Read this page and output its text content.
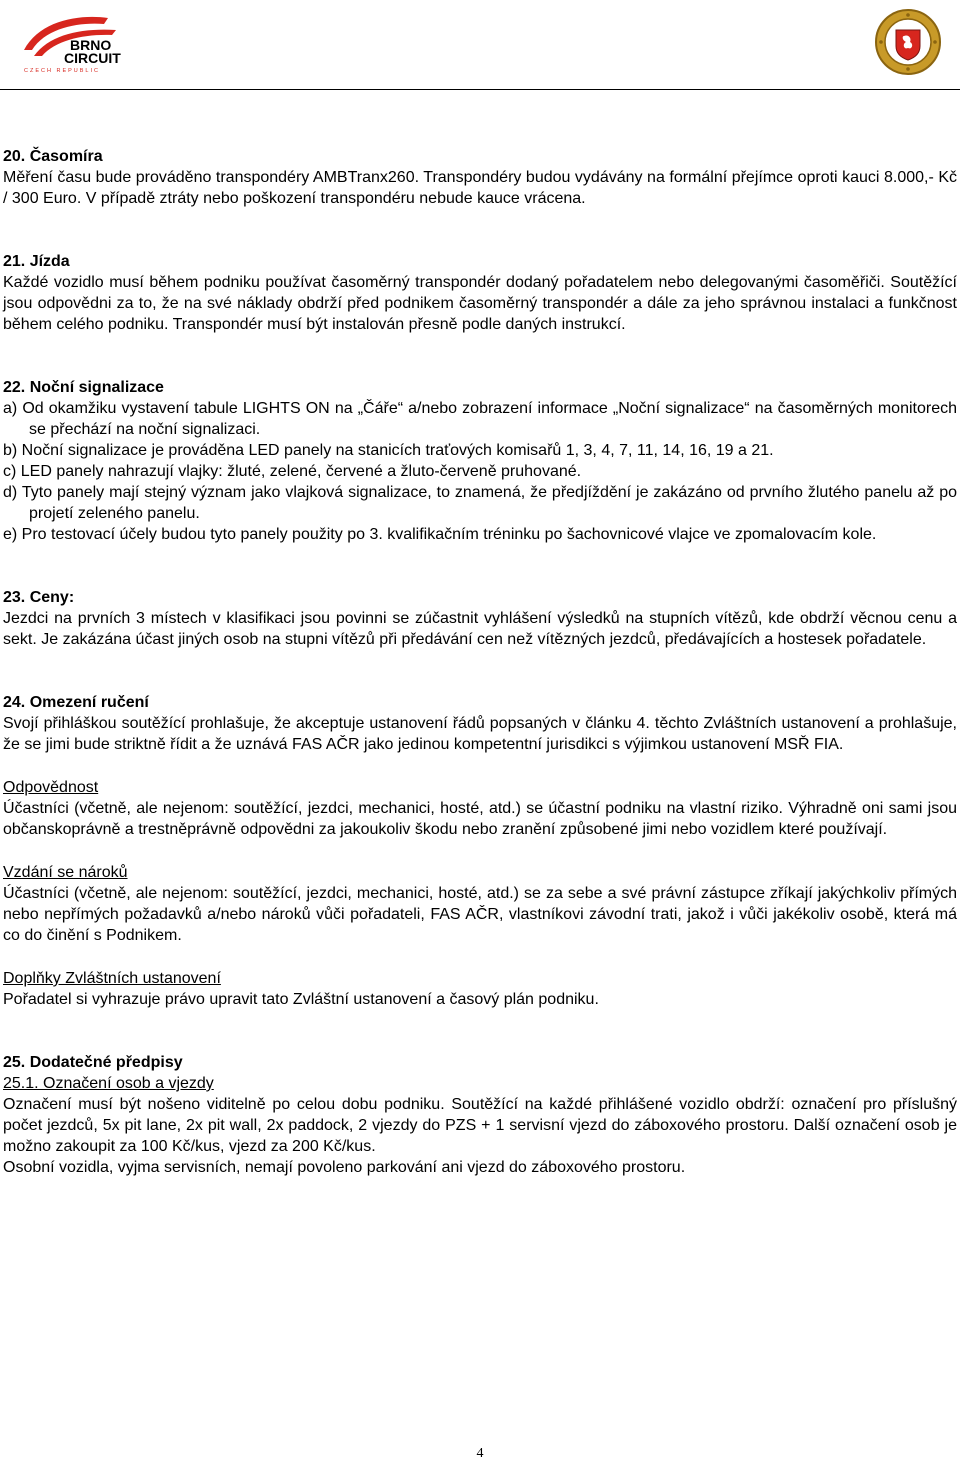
BRNO
CIRCUIT
CZECH REPUBLIC
20. Časomíra
Měření času bude prováděno transpondéry AMBTranx260. Transpondéry budou vydávány na formální přejímce oproti kauci 8.000,- Kč / 300 Euro. V případě ztráty nebo poškození transpondéru nebude kauce vrácena.
21. Jízda
Každé vozidlo musí během podniku používat časoměrný transpondér dodaný pořadatelem nebo delegovanými časoměřiči. Soutěžící jsou odpovědni za to, že na své náklady obdrží před podnikem časoměrný transpondér a dále za jeho správnou instalaci a funkčnost během celého podniku. Transpondér musí být instalován přesně podle daných instrukcí.
22. Noční signalizace
a) Od okamžiku vystavení tabule LIGHTS ON na „Čáře“ a/nebo zobrazení informace „Noční signalizace“ na časoměrných monitorech se přechází na noční signalizaci.
b) Noční signalizace je prováděna LED panely na stanicích traťových komisařů 1, 3, 4, 7, 11, 14, 16, 19 a 21.
c) LED panely nahrazují vlajky: žluté, zelené, červené a žluto-červeně pruhované.
d) Tyto panely mají stejný význam jako vlajková signalizace, to znamená, že předjíždění je zakázáno od prvního žlutého panelu až po projetí zeleného panelu.
e) Pro testovací účely budou tyto panely použity po 3. kvalifikačním tréninku po šachovnicové vlajce ve zpomalovacím kole.
23. Ceny:
Jezdci na prvních 3 místech v klasifikaci jsou povinni se zúčastnit vyhlášení výsledků na stupních vítězů, kde obdrží věcnou cenu a sekt. Je zakázána účast jiných osob na stupni vítězů při předávání cen než vítězných jezdců, předávajících a hostesek pořadatele.
24. Omezení ručení
Svojí přihláškou soutěžící prohlašuje, že akceptuje ustanovení řádů popsaných v článku 4. těchto Zvláštních ustanovení a prohlašuje, že se jimi bude striktně řídit a že uznává FAS AČR jako jedinou kompetentní jurisdikci s výjimkou ustanovení MSŘ FIA.
Odpovědnost
Účastníci (včetně, ale nejenom: soutěžící, jezdci, mechanici, hosté, atd.) se účastní podniku na vlastní riziko. Výhradně oni sami jsou občanskoprávně a trestněprávně odpovědni za jakoukoliv škodu nebo zranění způsobené jimi nebo vozidlem které používají.
Vzdání se nároků
Účastníci (včetně, ale nejenom: soutěžící, jezdci, mechanici, hosté, atd.) se za sebe a své právní zástupce zříkají jakýchkoliv přímých nebo nepřímých požadavků a/nebo nároků vůči pořadateli, FAS AČR, vlastníkovi závodní trati, jakož i vůči jakékoliv osobě, která má co do činění s Podnikem.
Doplňky Zvláštních ustanovení
Pořadatel si vyhrazuje právo upravit tato Zvláštní ustanovení a časový plán podniku.
25. Dodatečné předpisy
25.1. Označení osob a vjezdy
Označení musí být nošeno viditelně po celou dobu podniku. Soutěžící na každé přihlášené vozidlo obdrží: označení pro příslušný počet jezdců, 5x pit lane, 2x pit wall, 2x paddock, 2 vjezdy do PZS + 1 servisní vjezd do záboxového prostoru. Další označení osob je možno zakoupit za 100 Kč/kus, vjezd za 200 Kč/kus.
Osobní vozidla, vyjma servisních, nemají povoleno parkování ani vjezd do záboxového prostoru.
4
